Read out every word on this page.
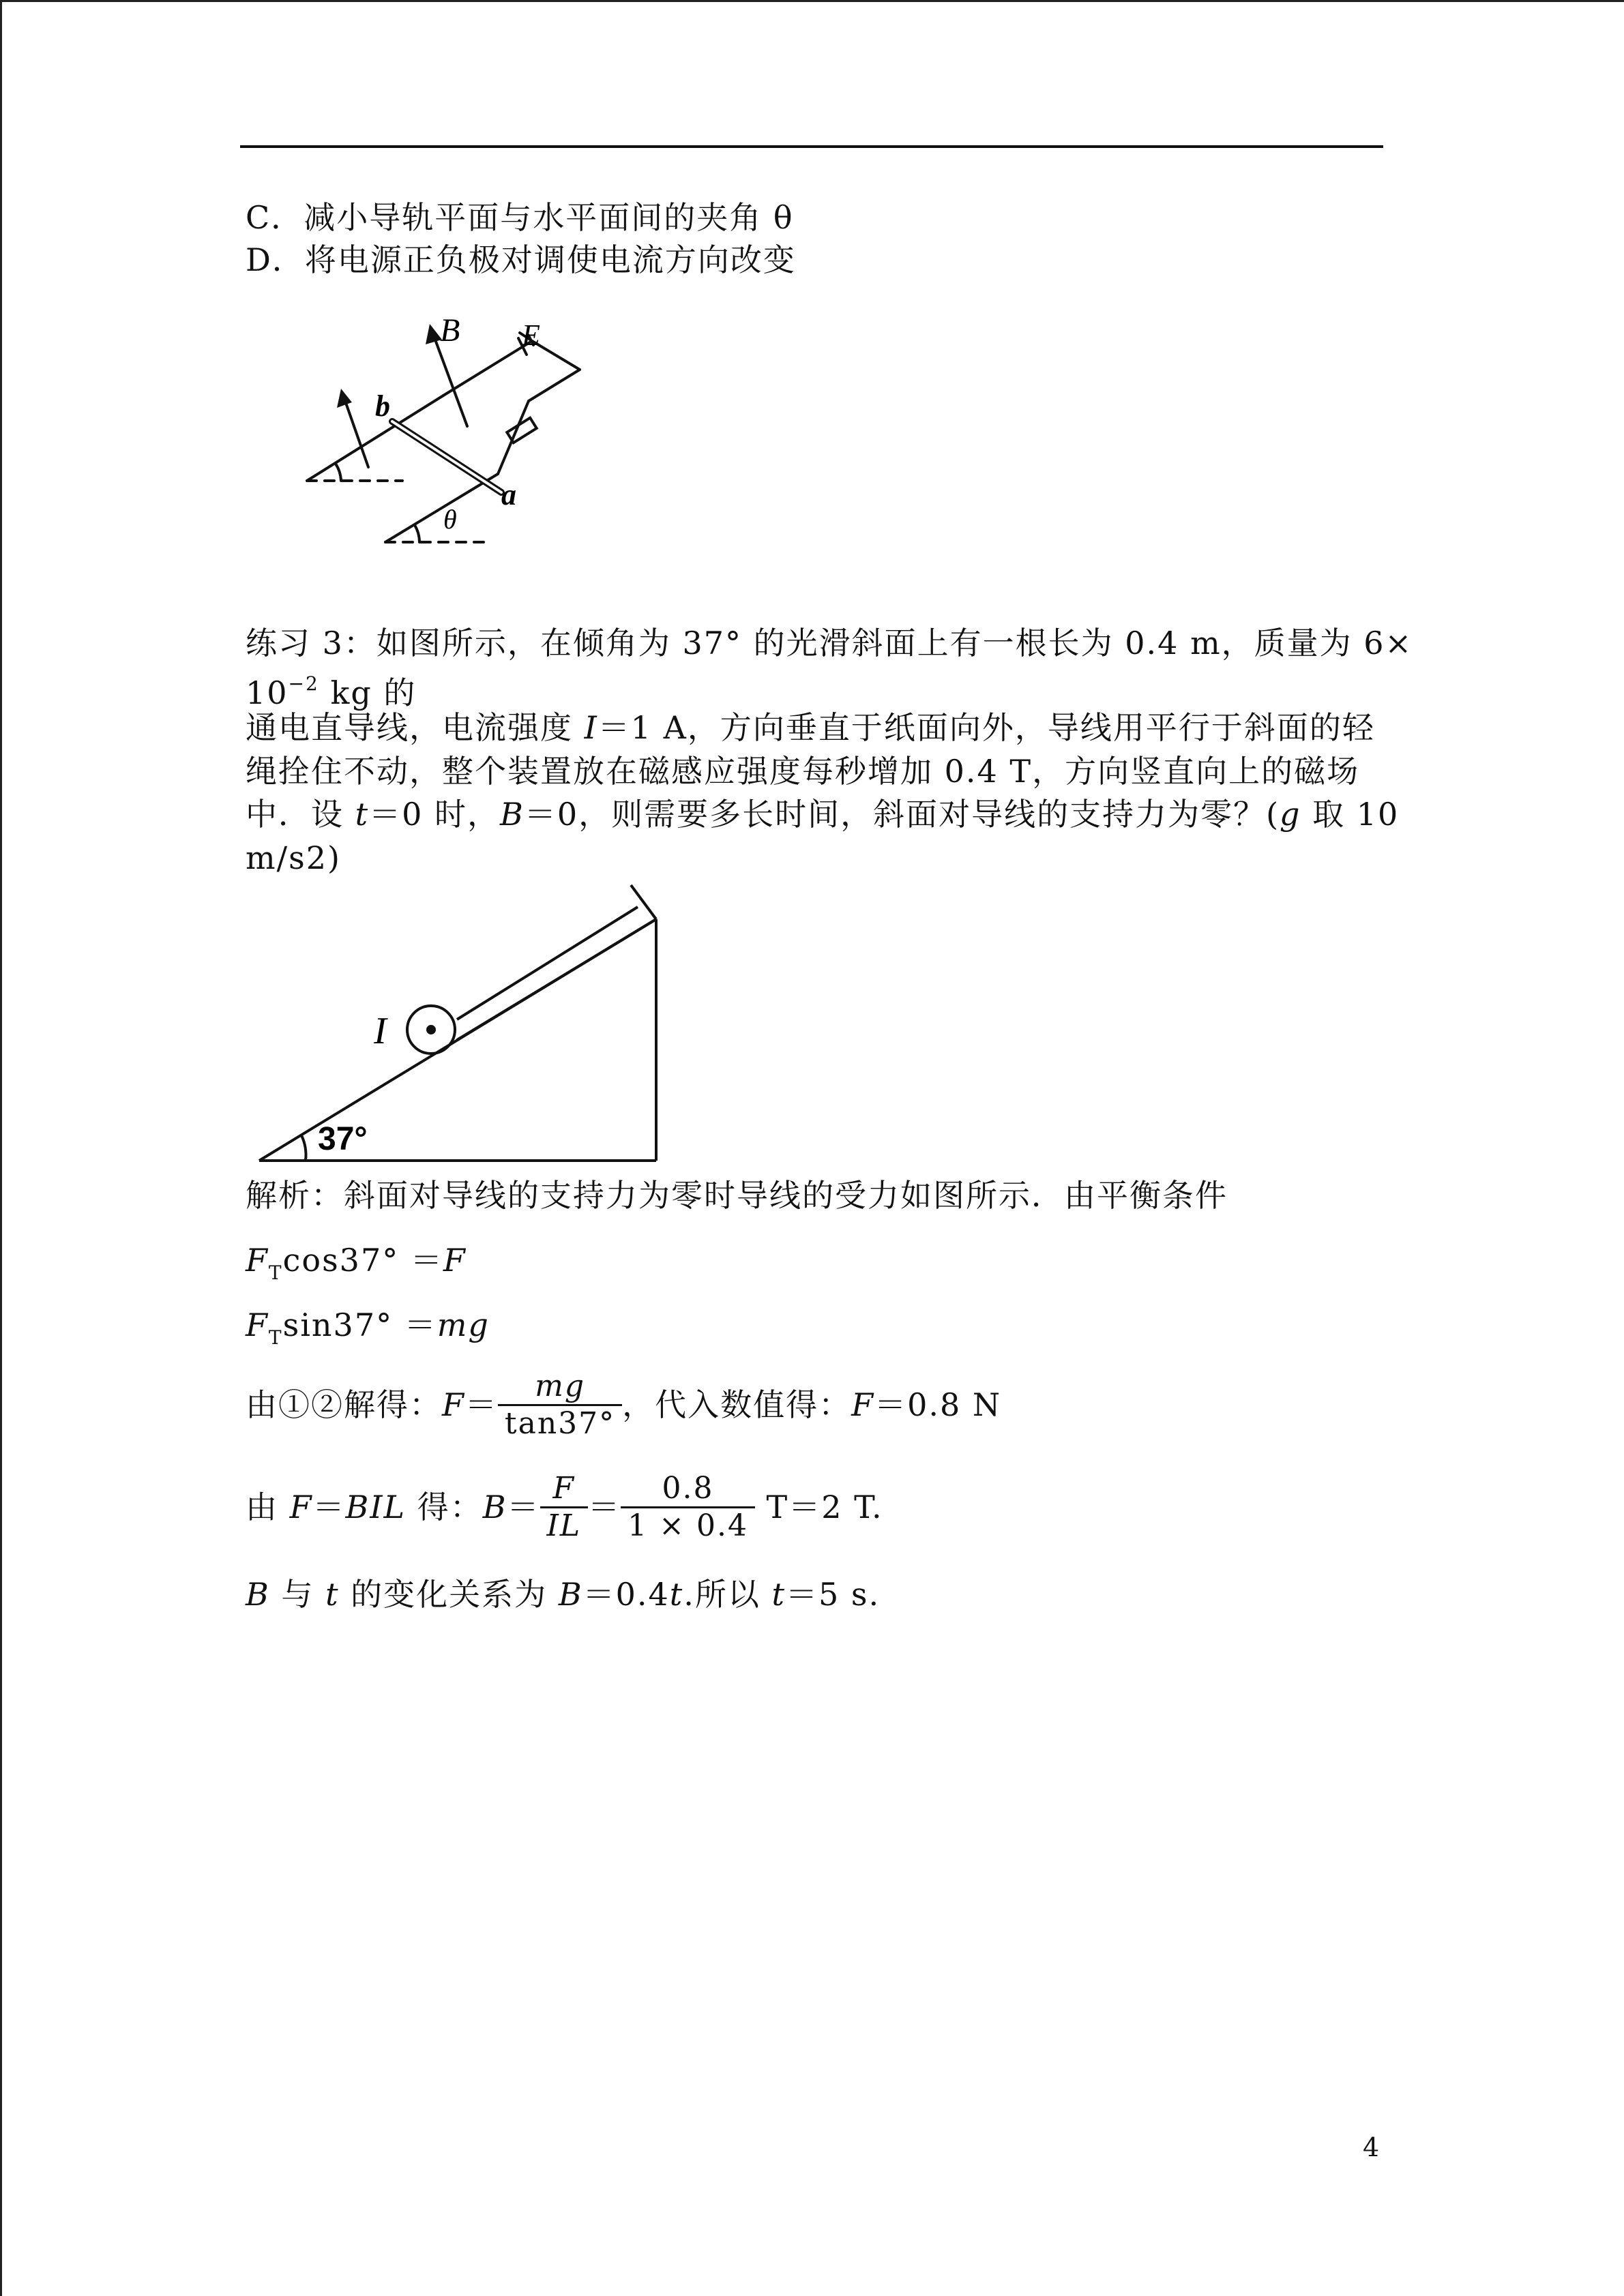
C．减小导轨平面与水平面间的夹角 θ
D．将电源正负极对调使电流方向改变
B E
b
a
θ
练习 3：如图所示，在倾角为 37° 的光滑斜面上有一根长为 0.4 m，质量为 6×
$10^{-2}$ kg 的
通电直导线，电流强度 I＝1 A，方向垂直于纸面向外，导线用平行于斜面的轻
绳拴住不动，整个装置放在磁感应强度每秒增加 0.4 T，方向竖直向上的磁场
中．设 t＝0 时，B＝0，则需要多长时间，斜面对导线的支持力为零？(g 取 10
m/s2)
I
37°
解析：斜面对导线的支持力为零时导线的受力如图所示．由平衡条件
$F_T\cos 37^\circ =F$
$F_T\sin 37^\circ =mg$
由①②解得：$F= \frac{mg}{\tan 37^\circ}$ ，代入数值得：F＝0.8 N
由 F＝BIL 得：$B= \frac{F}{IL} = \frac{0.8}{1 \times 0.4} T=2$ T.
B 与 t 的变化关系为 B＝0.4t.所以 t＝5 s.
4
